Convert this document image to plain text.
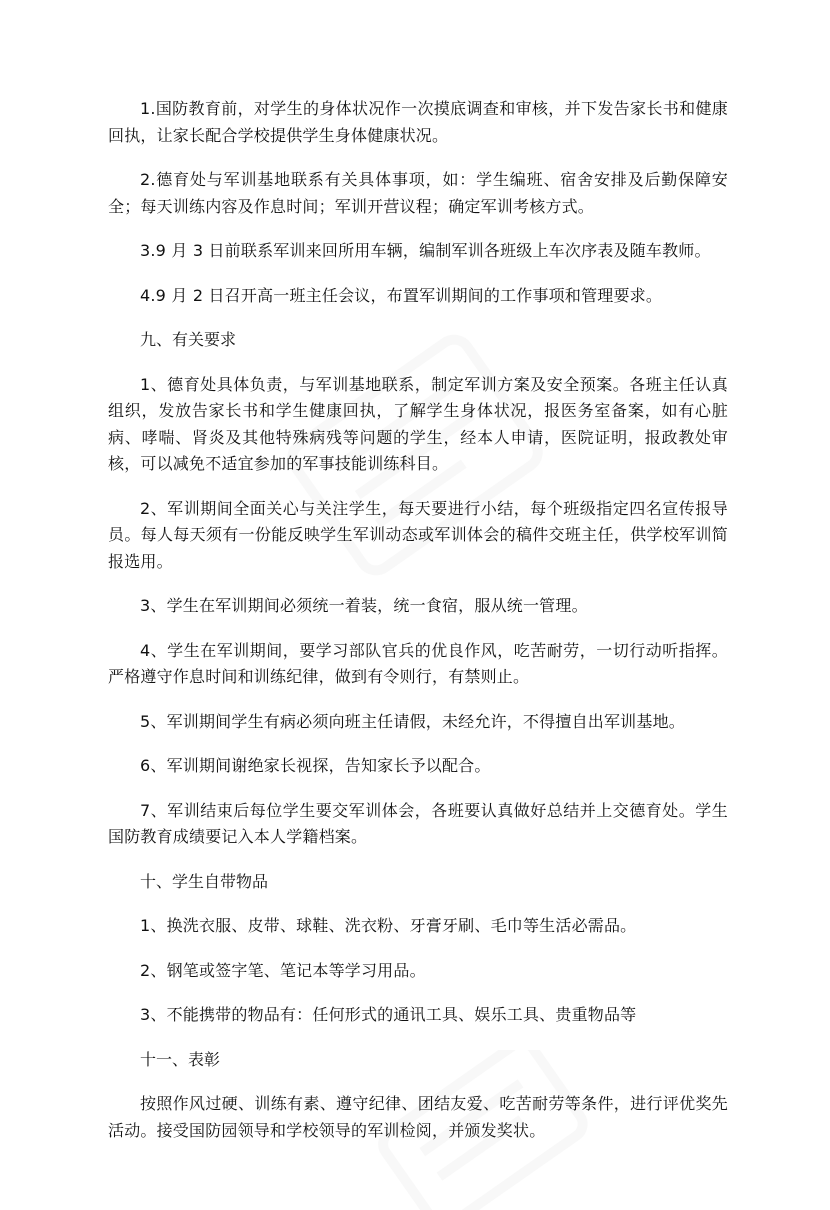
1.国防教育前，对学生的身体状况作一次摸底调查和审核，并下发告家长书和健康回执，让家长配合学校提供学生身体健康状况。

2.德育处与军训基地联系有关具体事项，如：学生编班、宿舍安排及后勤保障安全；每天训练内容及作息时间；军训开营议程；确定军训考核方式。

3.9 月 3 日前联系军训来回所用车辆，编制军训各班级上车次序表及随车教师。

4.9 月 2 日召开高一班主任会议，布置军训期间的工作事项和管理要求。

九、有关要求

1、德育处具体负责，与军训基地联系，制定军训方案及安全预案。各班主任认真组织，发放告家长书和学生健康回执，了解学生身体状况，报医务室备案，如有心脏病、哮喘、肾炎及其他特殊病残等问题的学生，经本人申请，医院证明，报政教处审核，可以减免不适宜参加的军事技能训练科目。

2、军训期间全面关心与关注学生，每天要进行小结，每个班级指定四名宣传报导员。每人每天须有一份能反映学生军训动态或军训体会的稿件交班主任，供学校军训简报选用。

3、学生在军训期间必须统一着装，统一食宿，服从统一管理。

4、学生在军训期间，要学习部队官兵的优良作风，吃苦耐劳，一切行动听指挥。严格遵守作息时间和训练纪律，做到有令则行，有禁则止。

5、军训期间学生有病必须向班主任请假，未经允许，不得擅自出军训基地。

6、军训期间谢绝家长视探，告知家长予以配合。

7、军训结束后每位学生要交军训体会，各班要认真做好总结并上交德育处。学生国防教育成绩要记入本人学籍档案。

十、学生自带物品

1、换洗衣服、皮带、球鞋、洗衣粉、牙膏牙刷、毛巾等生活必需品。

2、钢笔或签字笔、笔记本等学习用品。

3、不能携带的物品有：任何形式的通讯工具、娱乐工具、贵重物品等

十一、表彰

按照作风过硬、训练有素、遵守纪律、团结友爱、吃苦耐劳等条件，进行评优奖先活动。接受国防园领导和学校领导的军训检阅，并颁发奖状。
